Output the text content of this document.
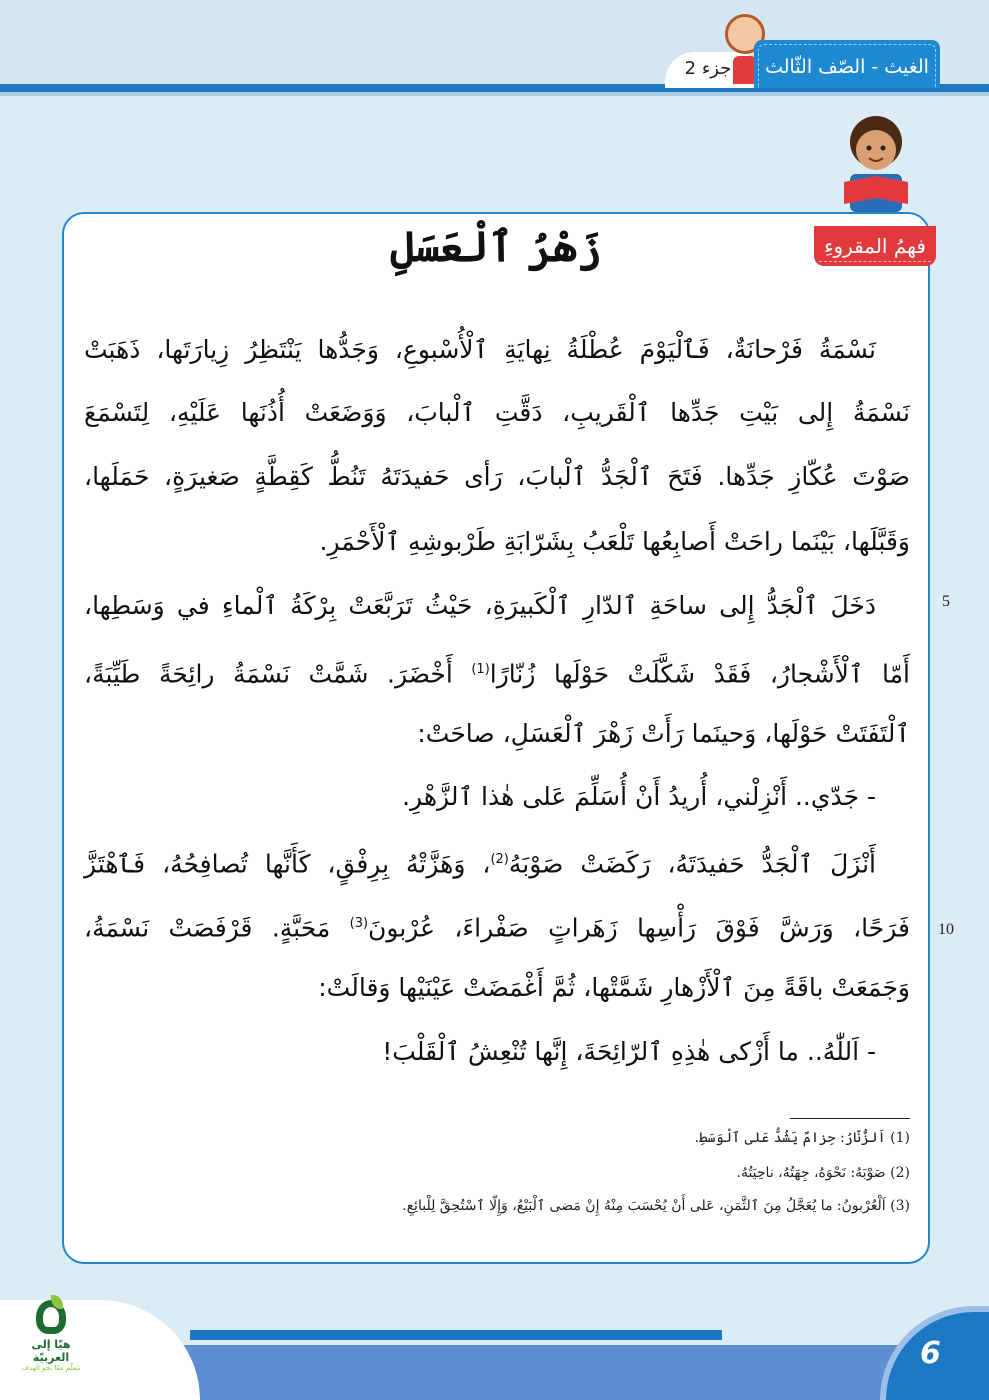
جزء 2	الغيث - الصّف الثّالث
فهمُ المقروءِ
زَهْرُ ٱلْعَسَلِ
نَسْمَةُ فَرْحانَةٌ، فَٱلْيَوْمَ عُطْلَةُ نِهايَةِ ٱلْأُسْبوعِ، وَجَدُّها يَنْتَظِرُ زِيارَتَها، ذَهَبَتْ
نَسْمَةُ إِلى بَيْتِ جَدِّها ٱلْقَريبِ، دَقَّتِ ٱلْبابَ، وَوَضَعَتْ أُذُنَها عَلَيْهِ، لِتَسْمَعَ
صَوْتَ عُكّازِ جَدِّها. فَتَحَ ٱلْجَدُّ ٱلْبابَ، رَأى حَفيدَتَهُ تَنُطُّ كَقِطَّةٍ صَغيرَةٍ، حَمَلَها،
وَقَبَّلَها، بَيْنَما راحَتْ أَصابِعُها تَلْعَبُ بِشَرّابَةِ طَرْبوشِهِ ٱلْأَحْمَرِ.
دَخَلَ ٱلْجَدُّ إِلى ساحَةِ ٱلدّارِ ٱلْكَبيرَةِ، حَيْثُ تَرَبَّعَتْ بِرْكَةُ ٱلْماءِ في وَسَطِها،
أَمّا ٱلْأَشْجارُ، فَقَدْ شَكَّلَتْ حَوْلَها زُنّارًا$^{(1)}$ أَخْضَرَ. شَمَّتْ نَسْمَةُ رائِحَةً طَيِّبَةً،
ٱلْتَفَتَتْ حَوْلَها، وَحينَما رَأَتْ زَهْرَ ٱلْعَسَلِ، صاحَتْ:
- جَدّي.. أَنْزِلْني، أُريدُ أَنْ أُسَلِّمَ عَلى هٰذا ٱلزَّهْرِ.
أَنْزَلَ ٱلْجَدُّ حَفيدَتَهُ، رَكَضَتْ صَوْبَهُ$^{(2)}$، وَهَزَّتْهُ بِرِفْقٍ، كَأَنَّها تُصافِحُهُ، فَٱهْتَزَّ
فَرَحًا، وَرَشَّ فَوْقَ رَأْسِها زَهَراتٍ صَفْراءَ، عُرْبونَ$^{(3)}$ مَحَبَّةٍ. قَرْفَصَتْ نَسْمَةُ،
وَجَمَعَتْ باقَةً مِنَ ٱلْأَزْهارِ شَمَّتْها، ثُمَّ أَغْمَضَتْ عَيْنَيْها وَقالَتْ:
- اَللّٰهُ.. ما أَزْكى هٰذِهِ ٱلرّائِحَةَ، إِنَّها تُنْعِشُ ٱلْقَلْبَ!
5
10
(1) اَلزُّنّارُ: حِزامٌ يَشُدُّ عَلى ٱلْوَسَطِ.
(2) صَوْبَهُ: نَحْوَهُ، جِهَتُهُ، ناحِيَتُهُ.
(3) اَلْعُرْبونُ: ما يُعَجَّلُ مِنَ ٱلثَّمَنِ، عَلى أَنْ يُحْسَبَ مِنْهُ إِنْ مَضى ٱلْبَيْعُ، وَإِلّا ٱسْتُحِقَّ لِلْبائِعِ.
6
هيّا إلى العربيّة
نتعلّم معًا نحو الهدف
